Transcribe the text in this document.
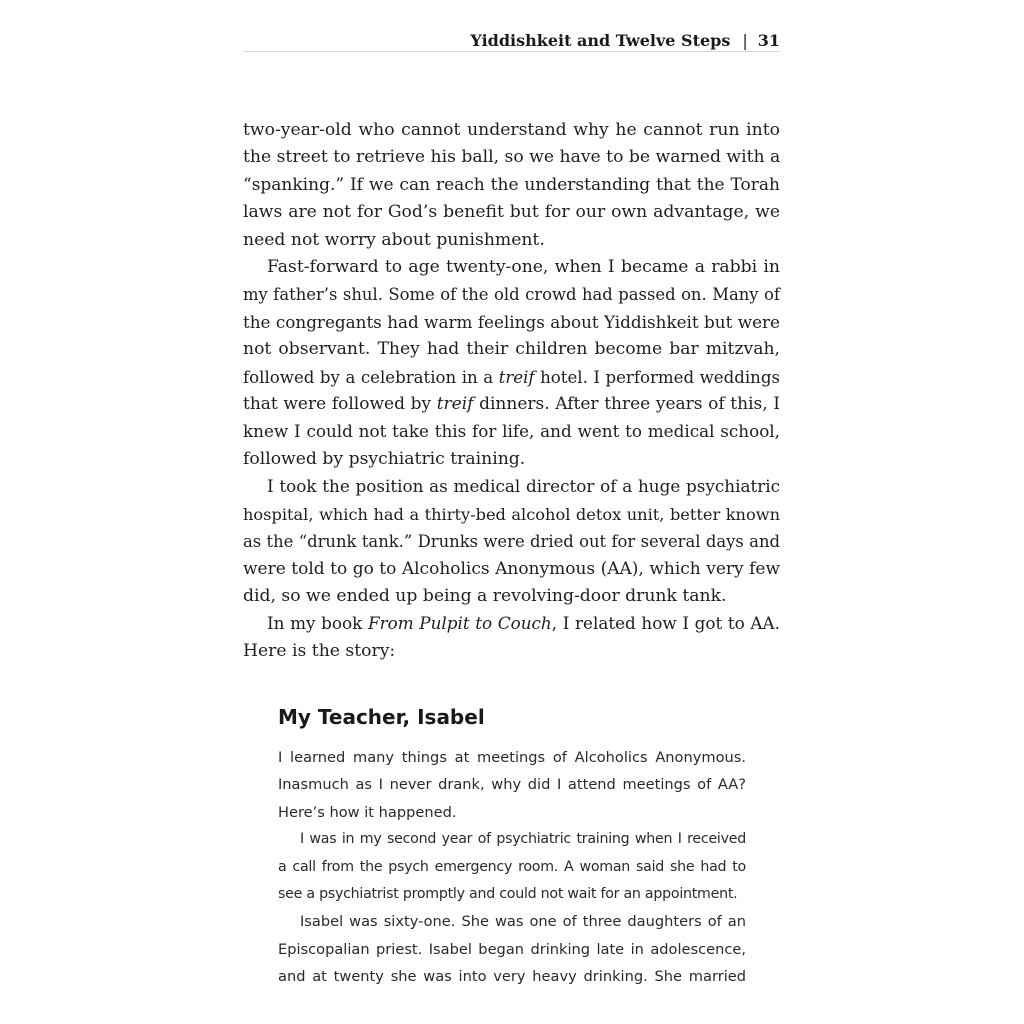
Yiddishkeit and Twelve Steps | 31

two-year-old who cannot understand why he cannot run into

the street to retrieve his ball, so we have to be warned with a

“spanking.” If we can reach the understanding that the Torah

laws are not for God’s benefit but for our own advantage, we

need not worry about punishment.

Fast-forward to age twenty-one, when I became a rabbi in

my father’s shul. Some of the old crowd had passed on. Many of

the congregants had warm feelings about Yiddishkeit but were

not observant. They had their children become bar mitzvah,

followed by a celebration in a treif hotel. I performed weddings

that were followed by treif dinners. After three years of this, I

knew I could not take this for life, and went to medical school,

followed by psychiatric training.

I took the position as medical director of a huge psychiatric

hospital, which had a thirty-bed alcohol detox unit, better known

as the “drunk tank.” Drunks were dried out for several days and

were told to go to Alcoholics Anonymous (AA), which very few

did, so we ended up being a revolving-door drunk tank.

In my book From Pulpit to Couch, I related how I got to AA.

Here is the story:

My Teacher, Isabel

I learned many things at meetings of Alcoholics Anonymous.

Inasmuch as I never drank, why did I attend meetings of AA?

Here’s how it happened.

I was in my second year of psychiatric training when I received

a call from the psych emergency room. A woman said she had to

see a psychiatrist promptly and could not wait for an appointment.

Isabel was sixty-one. She was one of three daughters of an

Episcopalian priest. Isabel began drinking late in adolescence,

and at twenty she was into very heavy drinking. She married
